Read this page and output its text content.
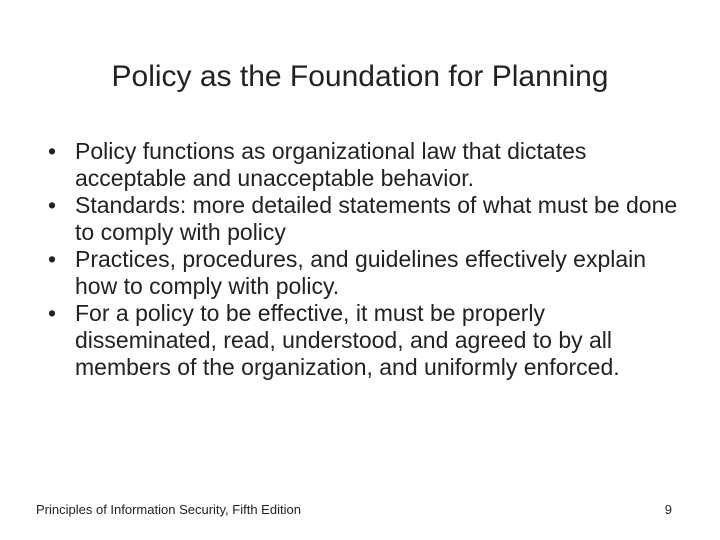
Policy as the Foundation for Planning
• Policy functions as organizational law that dictates acceptable and unacceptable behavior.
• Standards: more detailed statements of what must be done to comply with policy
• Practices, procedures, and guidelines effectively explain how to comply with policy.
• For a policy to be effective, it must be properly disseminated, read, understood, and agreed to by all members of the organization, and uniformly enforced.
Principles of Information Security, Fifth Edition	9
